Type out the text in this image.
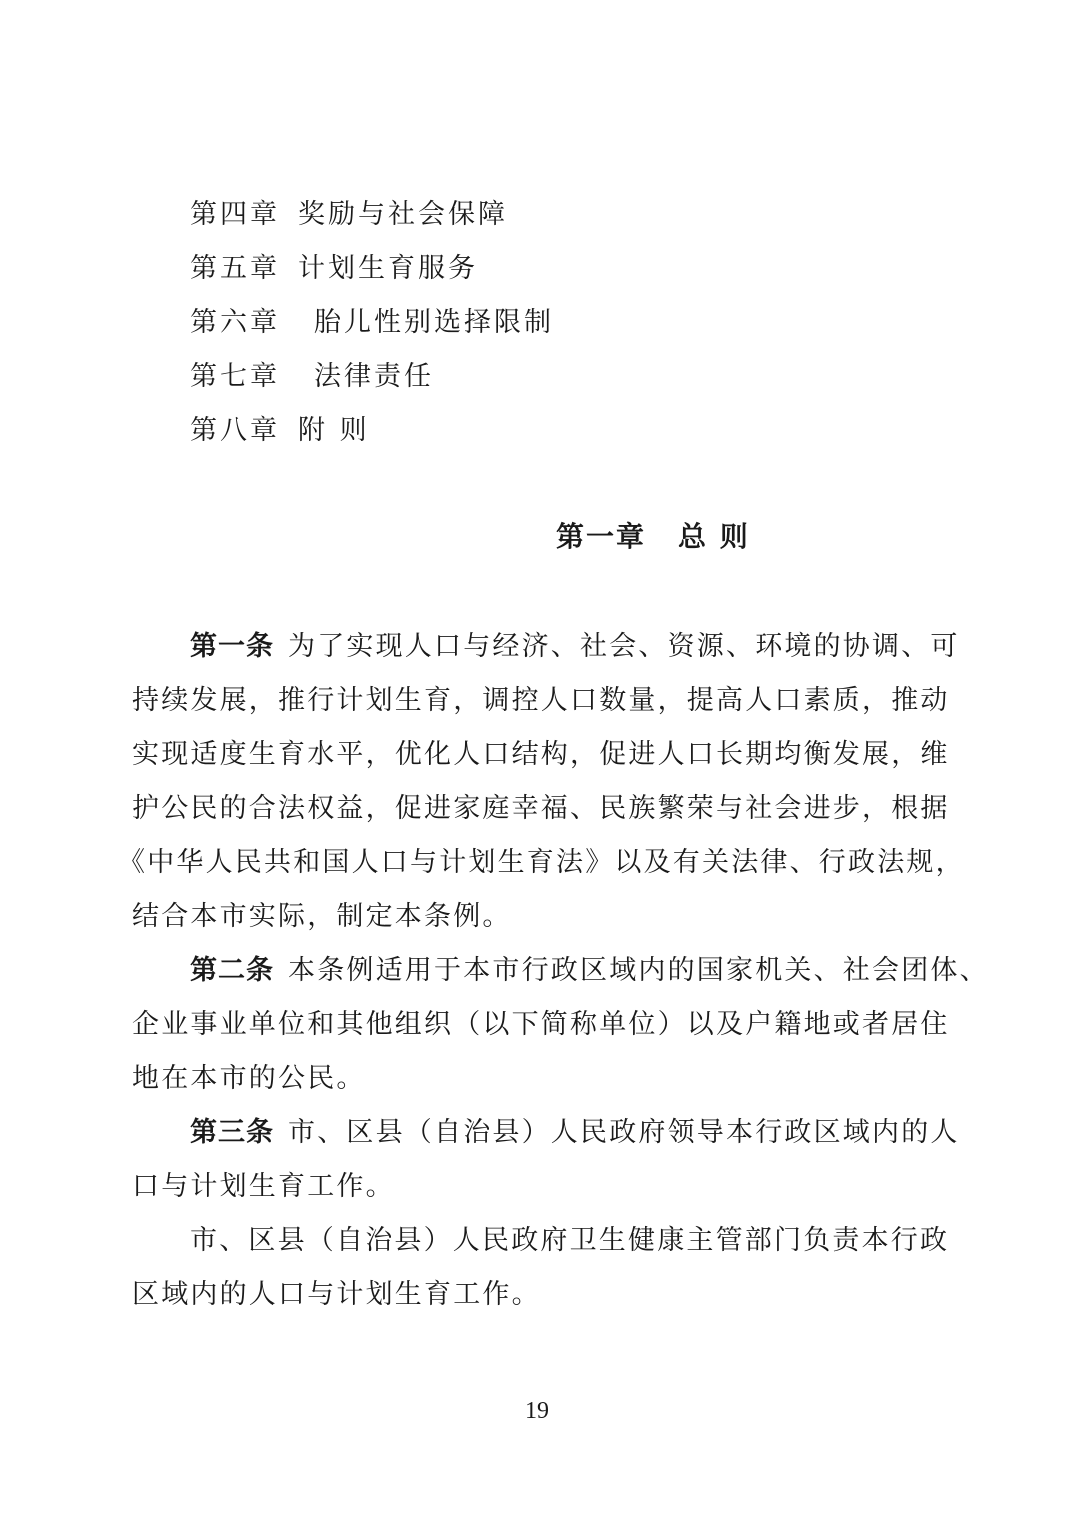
第四章 奖励与社会保障
第五章 计划生育服务
第六章 胎儿性别选择限制
第七章 法律责任
第八章 附 则
第一章 总 则
第一条 为了实现人口与经济、社会、资源、环境的协调、可
持续发展，推行计划生育，调控人口数量，提高人口素质，推动
实现适度生育水平，优化人口结构，促进人口长期均衡发展，维
护公民的合法权益，促进家庭幸福、民族繁荣与社会进步，根据
《中华人民共和国人口与计划生育法》以及有关法律、行政法规，
结合本市实际，制定本条例。
第二条 本条例适用于本市行政区域内的国家机关、社会团体、
企业事业单位和其他组织（以下简称单位）以及户籍地或者居住
地在本市的公民。
第三条 市、区县（自治县）人民政府领导本行政区域内的人
口与计划生育工作。
市、区县（自治县）人民政府卫生健康主管部门负责本行政
区域内的人口与计划生育工作。
19
